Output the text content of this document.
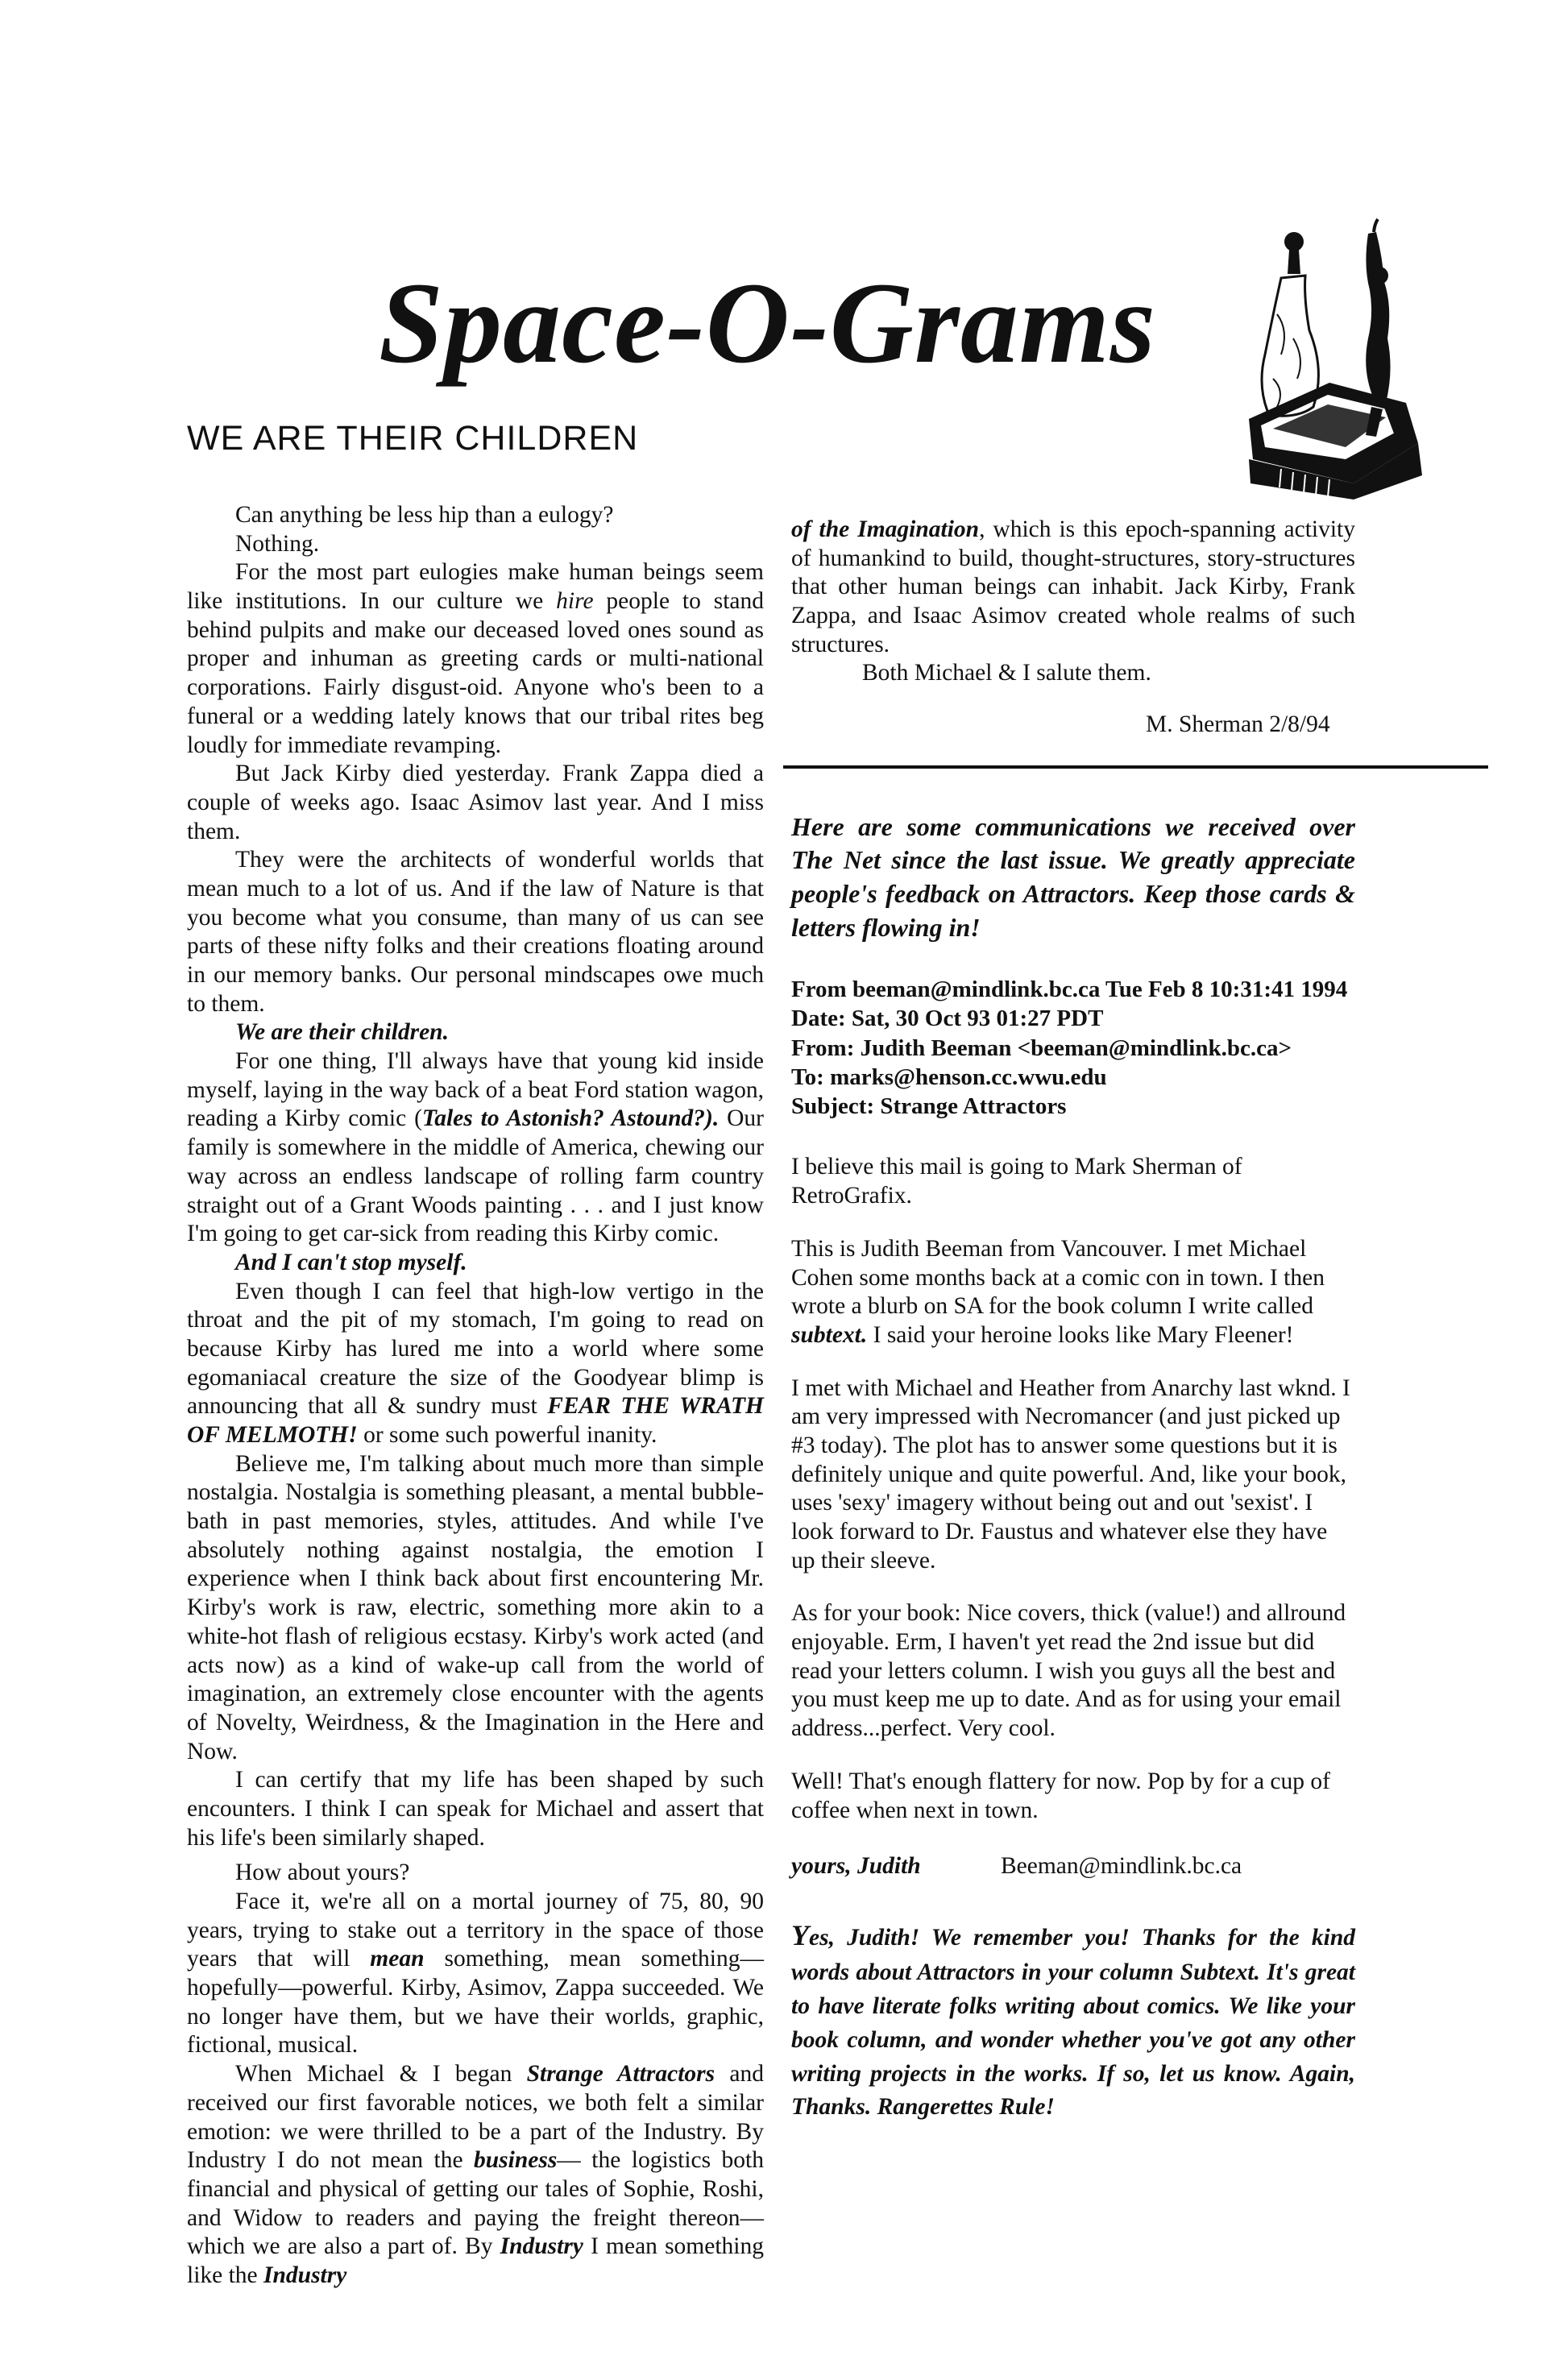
Space-O-Grams
WE ARE THEIR CHILDREN

Can anything be less hip than a eulogy?

Nothing.

For the most part eulogies make human beings seem like institutions. In our culture we hire people to stand behind pulpits and make our deceased loved ones sound as proper and inhuman as greeting cards or multi-national corporations. Fairly disgust-oid. Anyone who's been to a funeral or a wedding lately knows that our tribal rites beg loudly for immediate revamping.

But Jack Kirby died yesterday. Frank Zappa died a couple of weeks ago. Isaac Asimov last year. And I miss them.

They were the architects of wonderful worlds that mean much to a lot of us. And if the law of Nature is that you become what you consume, than many of us can see parts of these nifty folks and their creations floating around in our memory banks. Our personal mindscapes owe much to them.

We are their children.

For one thing, I'll always have that young kid inside myself, laying in the way back of a beat Ford station wagon, reading a Kirby comic (Tales to Astonish? Astound?). Our family is somewhere in the middle of America, chewing our way across an endless landscape of rolling farm country straight out of a Grant Woods painting . . . and I just know I'm going to get car-sick from reading this Kirby comic.

And I can't stop myself.

Even though I can feel that high-low vertigo in the throat and the pit of my stomach, I'm going to read on because Kirby has lured me into a world where some egomaniacal creature the size of the Goodyear blimp is announcing that all & sundry must FEAR THE WRATH OF MELMOTH! or some such powerful inanity.

Believe me, I'm talking about much more than simple nostalgia. Nostalgia is something pleasant, a mental bubble-bath in past memories, styles, attitudes. And while I've absolutely nothing against nostalgia, the emotion I experience when I think back about first encountering Mr. Kirby's work is raw, electric, something more akin to a white-hot flash of religious ecstasy. Kirby's work acted (and acts now) as a kind of wake-up call from the world of imagination, an extremely close encounter with the agents of Novelty, Weirdness, & the Imagination in the Here and Now.

I can certify that my life has been shaped by such encounters. I think I can speak for Michael and assert that his life's been similarly shaped.

How about yours?

Face it, we're all on a mortal journey of 75, 80, 90 years, trying to stake out a territory in the space of those years that will mean something, mean something—hopefully—powerful. Kirby, Asimov, Zappa succeeded. We no longer have them, but we have their worlds, graphic, fictional, musical.

When Michael & I began Strange Attractors and received our first favorable notices, we both felt a similar emotion: we were thrilled to be a part of the Industry. By Industry I do not mean the business— the logistics both financial and physical of getting our tales of Sophie, Roshi, and Widow to readers and paying the freight thereon—which we are also a part of. By Industry I mean something like the Industry

of the Imagination, which is this epoch-spanning activity of humankind to build, thought-structures, story-structures that other human beings can inhabit. Jack Kirby, Frank Zappa, and Isaac Asimov created whole realms of such structures.

Both Michael & I salute them.

M. Sherman 2/8/94

Here are some communications we received over The Net since the last issue. We greatly appreciate people's feedback on Attractors. Keep those cards & letters flowing in!

From beeman@mindlink.bc.ca Tue Feb 8 10:31:41 1994
Date: Sat, 30 Oct 93 01:27 PDT
From: Judith Beeman <beeman@mindlink.bc.ca>
To: marks@henson.cc.wwu.edu
Subject: Strange Attractors

I believe this mail is going to Mark Sherman of RetroGrafix.

This is Judith Beeman from Vancouver. I met Michael Cohen some months back at a comic con in town. I then wrote a blurb on SA for the book column I write called subtext. I said your heroine looks like Mary Fleener!

I met with Michael and Heather from Anarchy last wknd. I am very impressed with Necromancer (and just picked up #3 today). The plot has to answer some questions but it is definitely unique and quite powerful. And, like your book, uses 'sexy' imagery without being out and out 'sexist'. I look forward to Dr. Faustus and whatever else they have up their sleeve.

As for your book: Nice covers, thick (value!) and allround enjoyable. Erm, I haven't yet read the 2nd issue but did read your letters column. I wish you guys all the best and you must keep me up to date. And as for using your email address...perfect. Very cool.

Well! That's enough flattery for now. Pop by for a cup of coffee when next in town.

yours, Judith	Beeman@mindlink.bc.ca

Yes, Judith! We remember you! Thanks for the kind words about Attractors in your column Subtext. It's great to have literate folks writing about comics. We like your book column, and wonder whether you've got any other writing projects in the works. If so, let us know. Again, Thanks. Rangerettes Rule!
